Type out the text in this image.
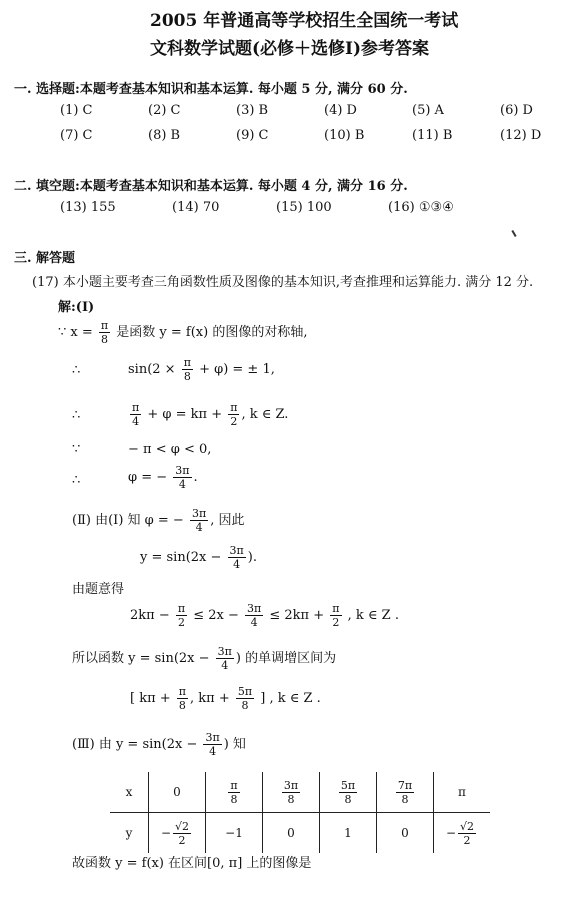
2005 年普通高等学校招生全国统一考试
文科数学试题(必修＋选修Ⅰ)参考答案
一. 选择题:本题考查基本知识和基本运算. 每小题 5 分, 满分 60 分.
(1) C	(2) C	(3) B	(4) D	(5) A	(6) D
(7) C	(8) B	(9) C	(10) B	(11) B	(12) D
二. 填空题:本题考查基本知识和基本运算. 每小题 4 分, 满分 16 分.
(13) 155	(14) 70	(15) 100	(16) ①③④
三. 解答题
(17) 本小题主要考查三角函数性质及图像的基本知识,考查推理和运算能力. 满分 12 分.
解:(Ⅰ)
∵ $x = \frac{\pi}{8}$ 是函数 y = f(x) 的图像的对称轴,
∴	$\sin(2 \times \frac{\pi}{8} + \varphi)$ = ± 1,
∴	$\frac{\pi}{4} + \varphi = k\pi + \frac{\pi}{2}$ , k ∈ Z.
∵	− π < φ < 0,
∴	φ = − $\frac{3\pi}{4}$ .
(Ⅱ) 由(Ⅰ) 知 φ = − $\frac{3\pi}{4}$ , 因此
$y = \sin(2x - \frac{3\pi}{4}$ ).
由题意得
$2k\pi - \frac{\pi}{2} \le 2x - \frac{3\pi}{4} \le 2k\pi + \frac{\pi}{2}$ , k ∈ Z .
所以函数 $y = \sin(2x - \frac{3\pi}{4}$ ) 的单调增区间为
[ $k\pi + \frac{\pi}{8}$ , $k\pi + \frac{5\pi}{8}$ ] , k ∈ Z .
(Ⅲ) 由 $y = \sin(2x - \frac{3\pi}{4}$ ) 知
x	0	$\frac{\pi}{8}$	$\frac{3\pi}{8}$	$\frac{5\pi}{8}$	$\frac{7\pi}{8}$	π
y	− $\frac{√2}{2}$	−1	0	1	0	− $\frac{√2}{2}$
故函数 y = f(x) 在区间[0, π] 上的图像是
